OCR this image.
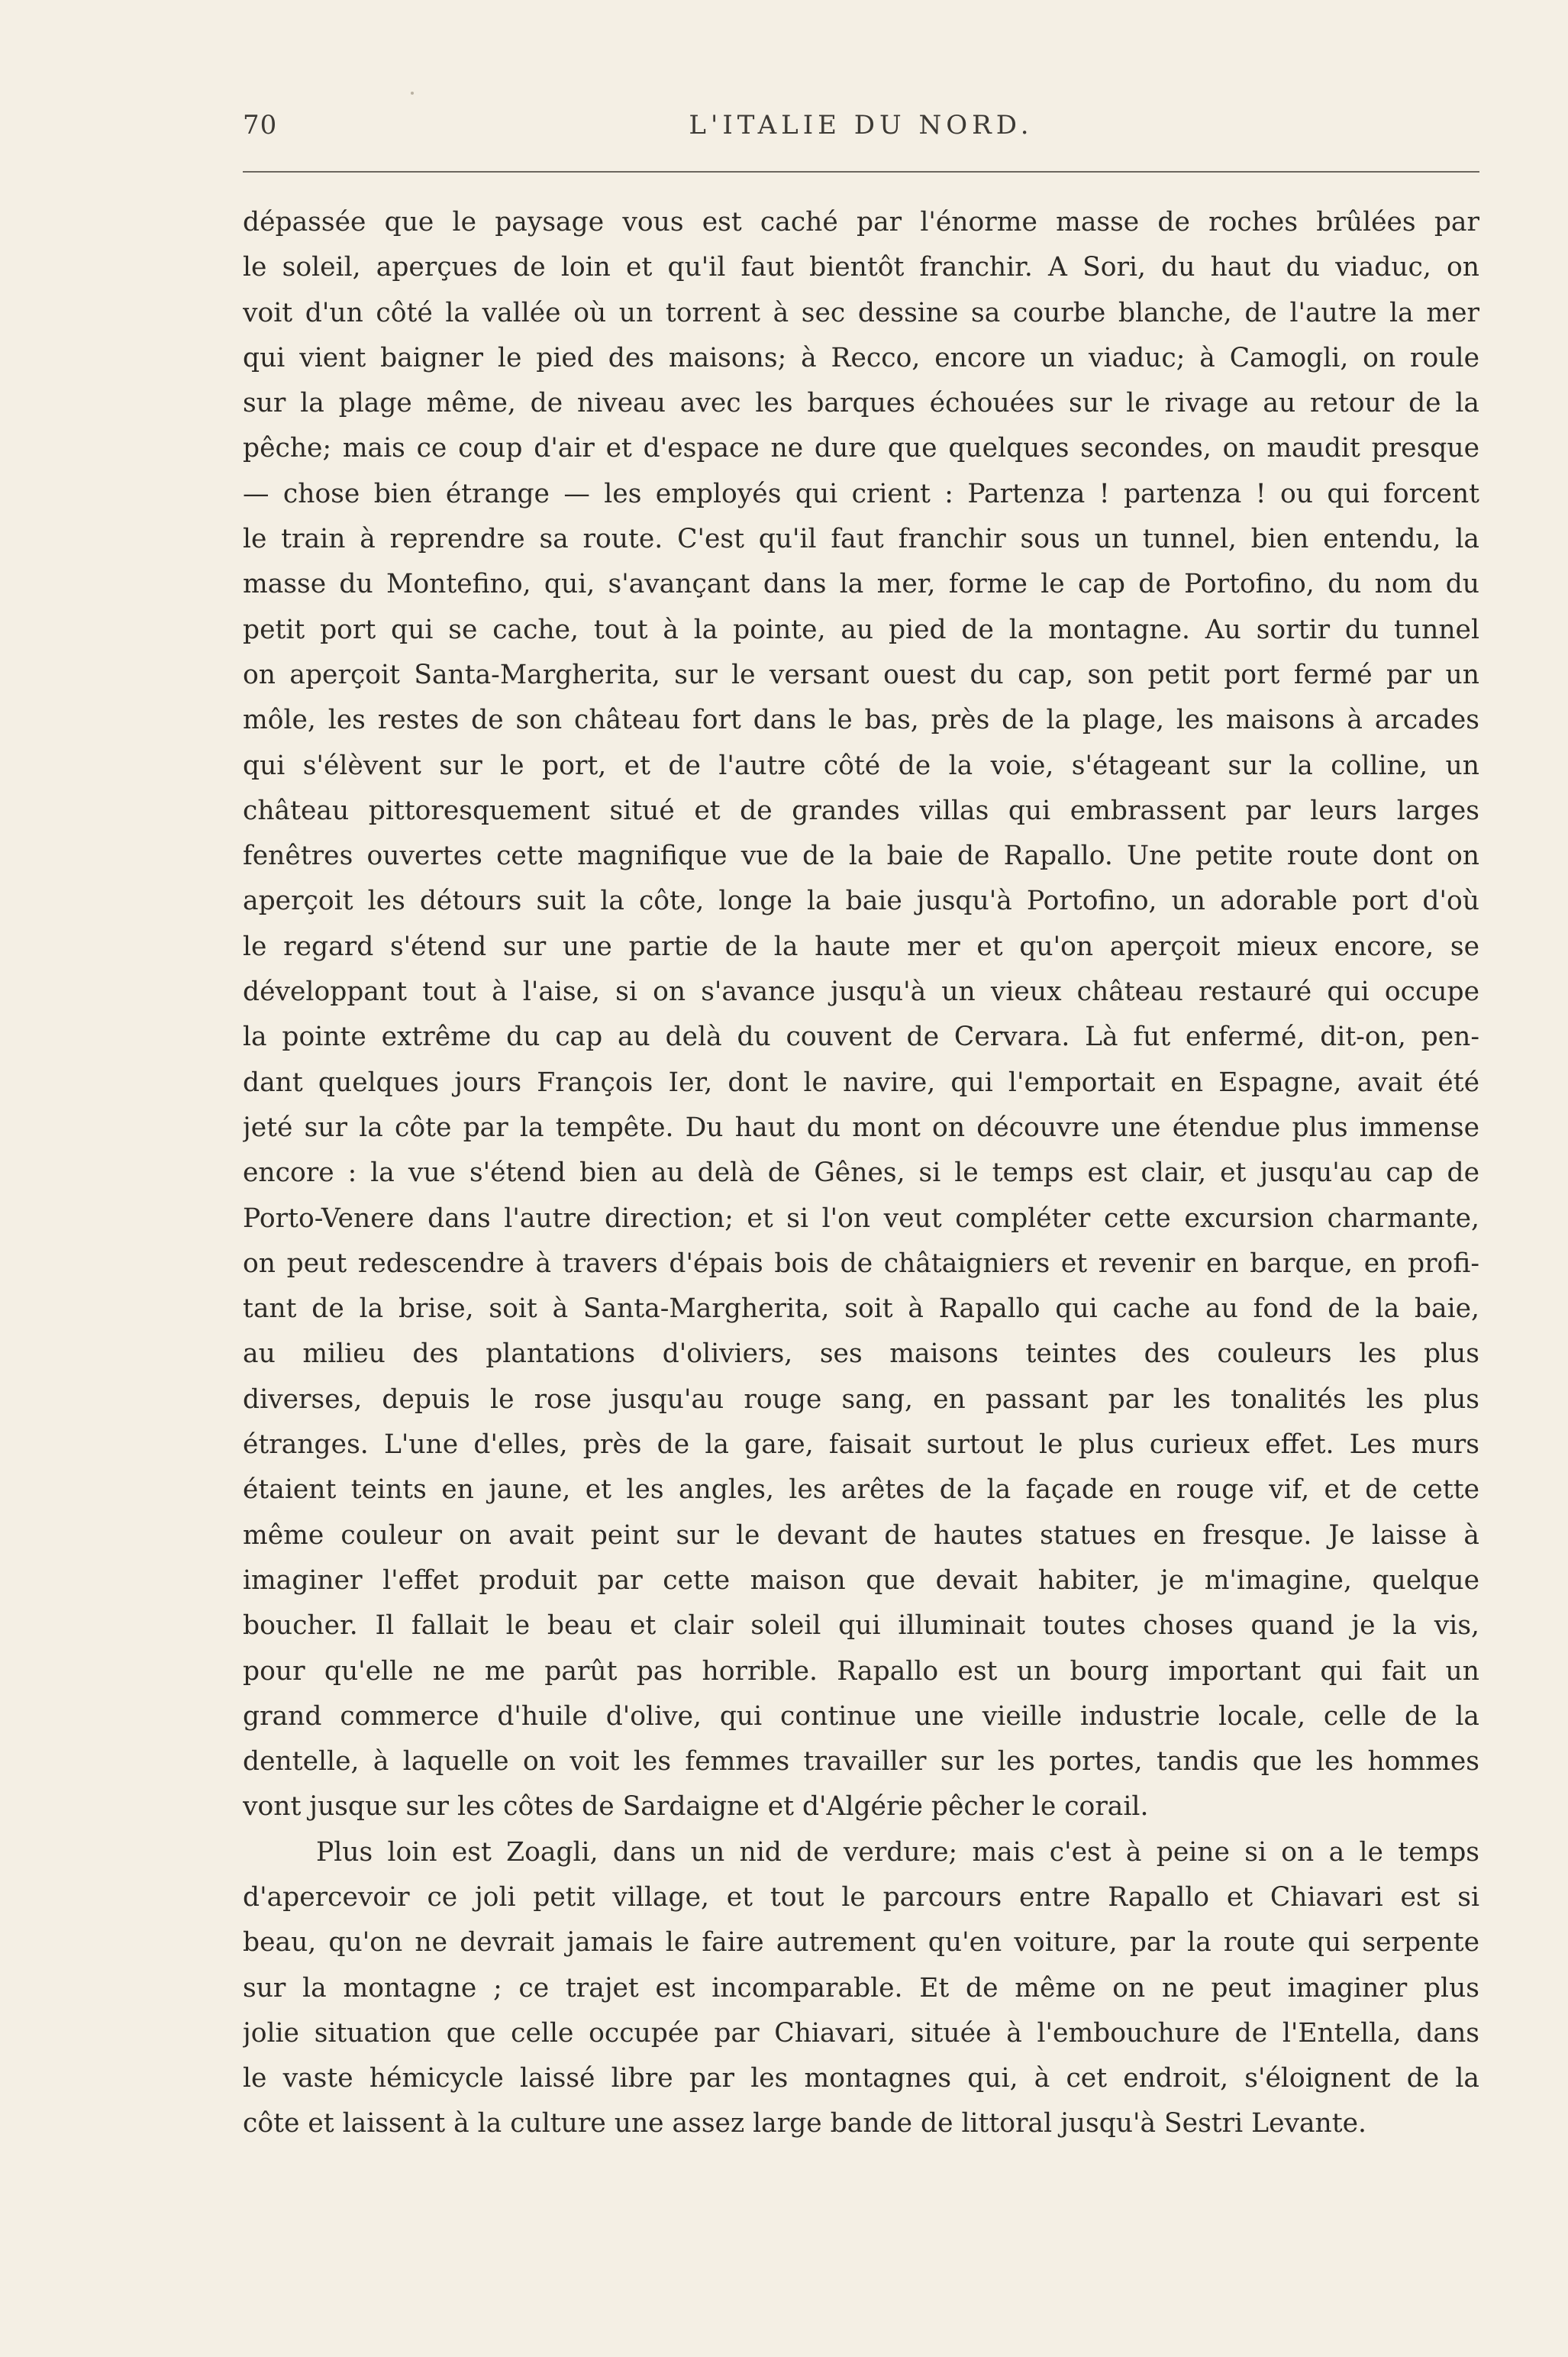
70	L'ITALIE DU NORD.
dépassée que le paysage vous est caché par l'énorme masse de roches brûlées par
le soleil, aperçues de loin et qu'il faut bientôt franchir. A Sori, du haut du viaduc, on
voit d'un côté la vallée où un torrent à sec dessine sa courbe blanche, de l'autre la mer
qui vient baigner le pied des maisons; à Recco, encore un viaduc; à Camogli, on roule
sur la plage même, de niveau avec les barques échouées sur le rivage au retour de la
pêche; mais ce coup d'air et d'espace ne dure que quelques secondes, on maudit presque
— chose bien étrange — les employés qui crient : Partenza ! partenza ! ou qui forcent
le train à reprendre sa route. C'est qu'il faut franchir sous un tunnel, bien entendu, la
masse du Montefino, qui, s'avançant dans la mer, forme le cap de Portofino, du nom du
petit port qui se cache, tout à la pointe, au pied de la montagne. Au sortir du tunnel
on aperçoit Santa-Margherita, sur le versant ouest du cap, son petit port fermé par un
môle, les restes de son château fort dans le bas, près de la plage, les maisons à arcades
qui s'élèvent sur le port, et de l'autre côté de la voie, s'étageant sur la colline, un
château pittoresquement situé et de grandes villas qui embrassent par leurs larges
fenêtres ouvertes cette magnifique vue de la baie de Rapallo. Une petite route dont on
aperçoit les détours suit la côte, longe la baie jusqu'à Portofino, un adorable port d'où
le regard s'étend sur une partie de la haute mer et qu'on aperçoit mieux encore, se
développant tout à l'aise, si on s'avance jusqu'à un vieux château restauré qui occupe
la pointe extrême du cap au delà du couvent de Cervara. Là fut enfermé, dit-on, pen-
dant quelques jours François Ier, dont le navire, qui l'emportait en Espagne, avait été
jeté sur la côte par la tempête. Du haut du mont on découvre une étendue plus immense
encore : la vue s'étend bien au delà de Gênes, si le temps est clair, et jusqu'au cap de
Porto-Venere dans l'autre direction; et si l'on veut compléter cette excursion charmante,
on peut redescendre à travers d'épais bois de châtaigniers et revenir en barque, en profi-
tant de la brise, soit à Santa-Margherita, soit à Rapallo qui cache au fond de la baie,
au milieu des plantations d'oliviers, ses maisons teintes des couleurs les plus
diverses, depuis le rose jusqu'au rouge sang, en passant par les tonalités les plus
étranges. L'une d'elles, près de la gare, faisait surtout le plus curieux effet. Les murs
étaient teints en jaune, et les angles, les arêtes de la façade en rouge vif, et de cette
même couleur on avait peint sur le devant de hautes statues en fresque. Je laisse à
imaginer l'effet produit par cette maison que devait habiter, je m'imagine, quelque
boucher. Il fallait le beau et clair soleil qui illuminait toutes choses quand je la vis,
pour qu'elle ne me parût pas horrible. Rapallo est un bourg important qui fait un
grand commerce d'huile d'olive, qui continue une vieille industrie locale, celle de la
dentelle, à laquelle on voit les femmes travailler sur les portes, tandis que les hommes
vont jusque sur les côtes de Sardaigne et d'Algérie pêcher le corail.
Plus loin est Zoagli, dans un nid de verdure; mais c'est à peine si on a le temps
d'apercevoir ce joli petit village, et tout le parcours entre Rapallo et Chiavari est si
beau, qu'on ne devrait jamais le faire autrement qu'en voiture, par la route qui serpente
sur la montagne ; ce trajet est incomparable. Et de même on ne peut imaginer plus
jolie situation que celle occupée par Chiavari, située à l'embouchure de l'Entella, dans
le vaste hémicycle laissé libre par les montagnes qui, à cet endroit, s'éloignent de la
côte et laissent à la culture une assez large bande de littoral jusqu'à Sestri Levante.
